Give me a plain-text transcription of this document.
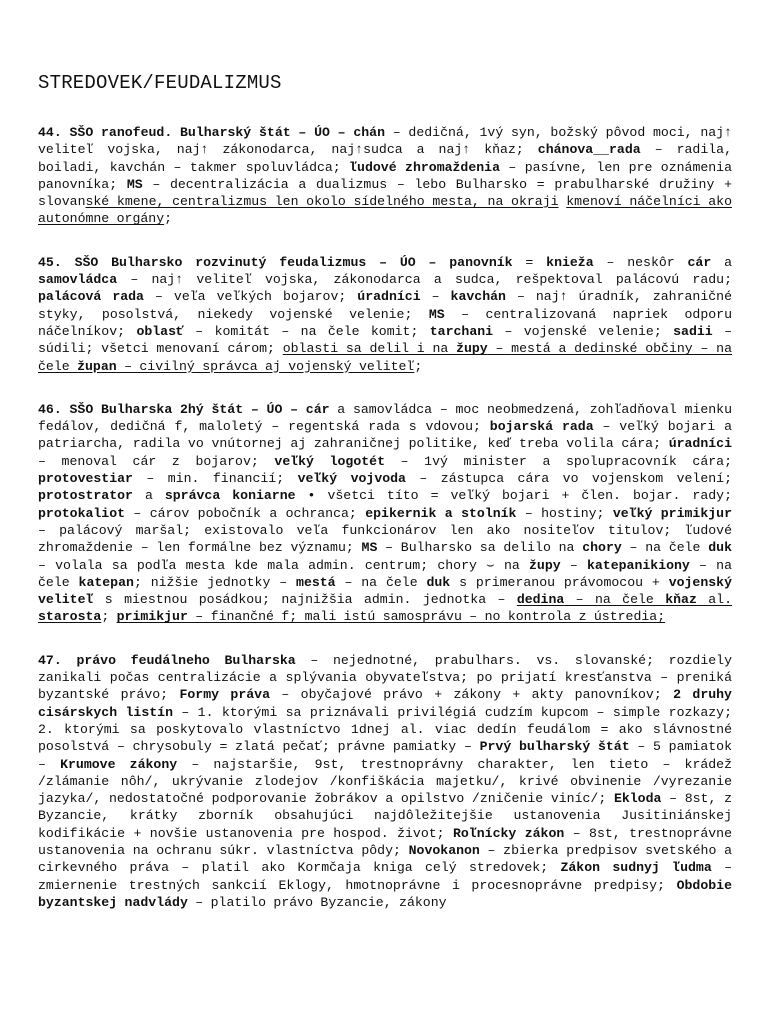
STREDOVEK/FEUDALIZMUS

44. SŠO ranofeud. Bulharský štát – ÚO – chán – dedičná, 1vý syn, božský pôvod moci, naj↑ veliteľ vojska, naj↑ zákonodarca, naj↑sudca a naj↑ kňaz; chánova__rada – radila, boiladi, kavchán – takmer spoluvládca; ľudové zhromaždenia – pasívne, len pre oznámenia panovníka; MS – decentralizácia a dualizmus – lebo Bulharsko = prabulharské družiny + slovanské kmene, centralizmus len okolo sídelného mesta, na okraji kmenoví náčelníci ako autonómne orgány;

45. SŠO Bulharsko rozvinutý feudalizmus – ÚO – panovník = knieža – neskôr cár a samovládca – naj↑ veliteľ vojska, zákonodarca a sudca, rešpektoval palácovú radu; palácová rada – veľa veľkých bojarov; úradníci – kavchán – naj↑ úradník, zahraničné styky, posolstvá, niekedy vojenské velenie; MS – centralizovaná napriek odporu náčelníkov; oblasť – komitát – na čele komit; tarchani – vojenské velenie; sadii – súdili; všetci menovaní cárom; oblasti sa delil i na župy – mestá a dedinské občiny – na čele župan – civilný správca aj vojenský veliteľ;

46. SŠO Bulharska 2hý štát – ÚO – cár a samovládca – moc neobmedzená, zohľadňoval mienku fedálov, dedičná f, maloletý – regentská rada s vdovou; bojarská rada – veľký bojari a patriarcha, radila vo vnútornej aj zahraničnej politike, keď treba volila cára; úradníci – menoval cár z bojarov; veľký logotét – 1vý minister a spolupracovník cára; protovestiar – min. financií; veľký vojvoda – zástupca cára vo vojenskom velení; protostrator a správca koniarne • všetci títo = veľký bojari + člen. bojar. rady; protokaliot – cárov pobočník a ochranca; epikernik a stolník – hostiny; veľký primikjur – palácový maršal; existovalo veľa funkcionárov len ako nositeľov titulov; ľudové zhromaždenie – len formálne bez významu; MS – Bulharsko sa delilo na chory – na čele duk – volala sa podľa mesta kde mala admin. centrum; chory ⌣ na župy – katepanikiony – na čele katepan; nižšie jednotky – mestá – na čele duk s primeranou právomocou + vojenský veliteľ s miestnou posádkou; najnižšia admin. jednotka – dedina – na čele kňaz al. starosta; primikjur – finančné f; mali istú samosprávu – no kontrola z ústredia;

47. právo feudálneho Bulharska – nejednotné, prabulhars. vs. slovanské; rozdiely zanikali počas centralizácie a splývania obyvateľstva; po prijatí kresťanstva – preniká byzantské právo; Formy práva – obyčajové právo + zákony + akty panovníkov; 2 druhy cisárskych listín – 1. ktorými sa priznávali privilégiá cudzím kupcom – simple rozkazy; 2. ktorými sa poskytovalo vlastníctvo 1dnej al. viac dedín feudálom = ako slávnostné posolstvá – chrysobuly = zlatá pečať; právne pamiatky – Prvý bulharský štát – 5 pamiatok – Krumove zákony – najstaršie, 9st, trestnoprávny charakter, len tieto – krádež /zlámanie nôh/, ukrývanie zlodejov /konfiškácia majetku/, krivé obvinenie /vyrezanie jazyka/, nedostatočné podporovanie žobrákov a opilstvo /zničenie viníc/; Ekloda – 8st, z Byzancie, krátky zborník obsahujúci najdôležitejšie ustanovenia Jusitiniánskej kodifikácie + novšie ustanovenia pre hospod. život; Roľnícky zákon – 8st, trestnoprávne ustanovenia na ochranu súkr. vlastníctva pôdy; Novokanon – zbierka predpisov svetského a cirkevného práva – platil ako Kormčaja kniga celý stredovek; Zákon sudnyj ľudma – zmiernenie trestných sankcií Eklogy, hmotnoprávne i procesnoprávne predpisy; Obdobie byzantskej nadvlády – platilo právo Byzancie, zákony
